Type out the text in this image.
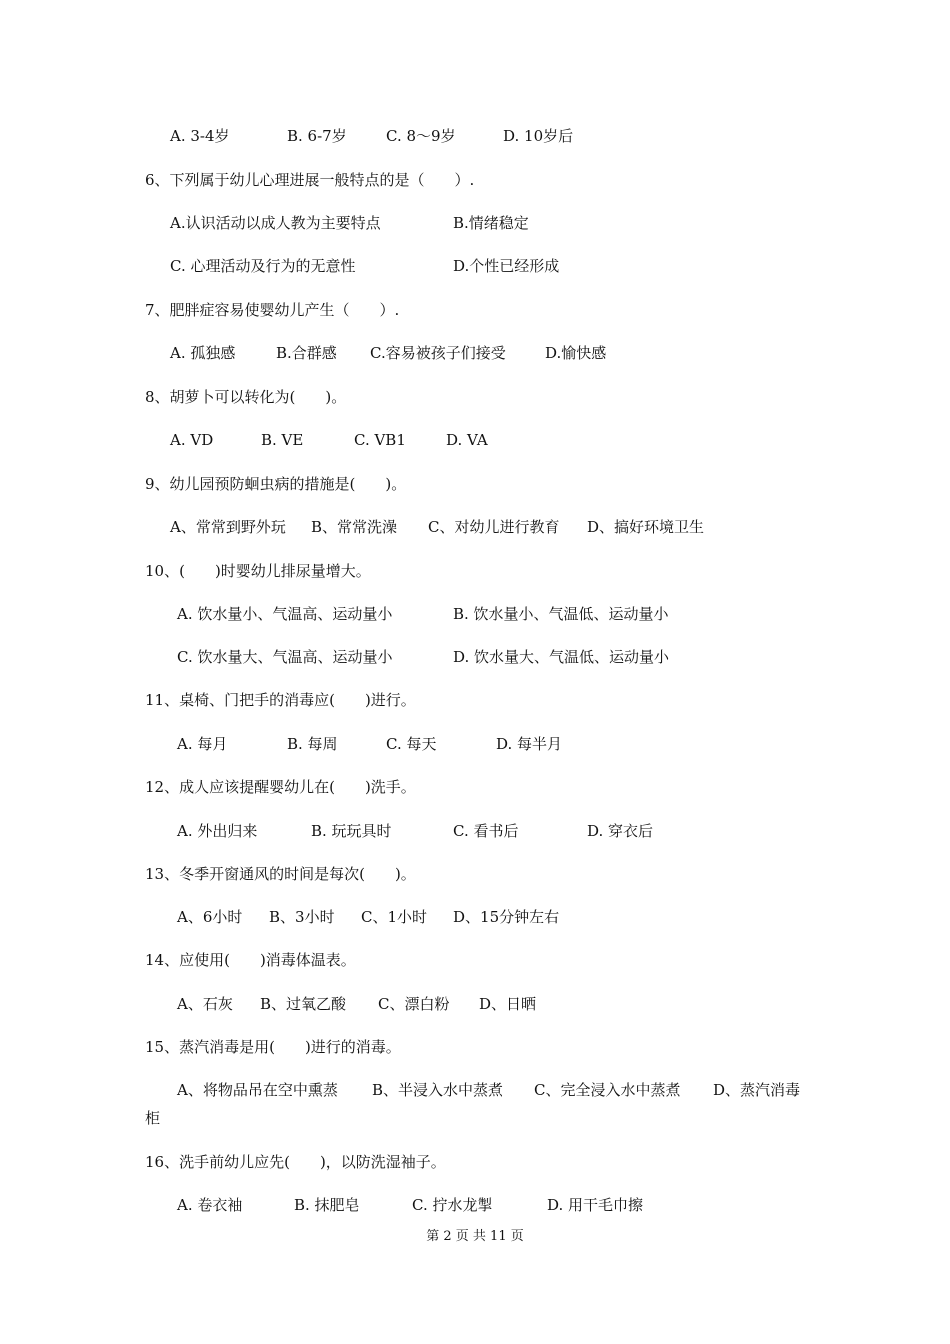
A. 3-4岁	B. 6-7岁	C. 8～9岁	D. 10岁后
6、下列属于幼儿心理进展一般特点的是（　　）.
A.认识活动以成人教为主要特点	B.情绪稳定
C. 心理活动及行为的无意性	D.个性已经形成
7、肥胖症容易使婴幼儿产生（　　）.
A. 孤独感	B.合群感 C.容易被孩子们接受	D.愉快感
8、胡萝卜可以转化为(　　)。
A. VD	B. VE	C. VB1	D. VA
9、幼儿园预防蛔虫病的措施是(　　)。
A、常常到野外玩 B、常常洗澡 C、对幼儿进行教育 D、搞好环境卫生
10、(　　)时婴幼儿排尿量增大。
A. 饮水量小、气温高、运动量小	B. 饮水量小、气温低、运动量小
C. 饮水量大、气温高、运动量小	D. 饮水量大、气温低、运动量小
11、桌椅、门把手的消毒应(　　)进行。
A. 每月	B. 每周	C. 每天	D. 每半月
12、成人应该提醒婴幼儿在(　　)洗手。
A. 外出归来	B. 玩玩具时	C. 看书后	D. 穿衣后
13、冬季开窗通风的时间是每次(　　)。
A、6小时 B、3小时 C、1小时 D、15分钟左右
14、应使用(　　)消毒体温表。
A、石灰 B、过氧乙酸 C、漂白粉 D、日晒
15、蒸汽消毒是用(　　)进行的消毒。
A、将物品吊在空中熏蒸 B、半浸入水中蒸煮 C、完全浸入水中蒸煮 D、蒸汽消毒
柜
16、洗手前幼儿应先(　　)，以防洗湿袖子。
A. 卷衣袖	B. 抹肥皂	C. 拧水龙掣	D. 用干毛巾擦
第 2 页 共 11 页
